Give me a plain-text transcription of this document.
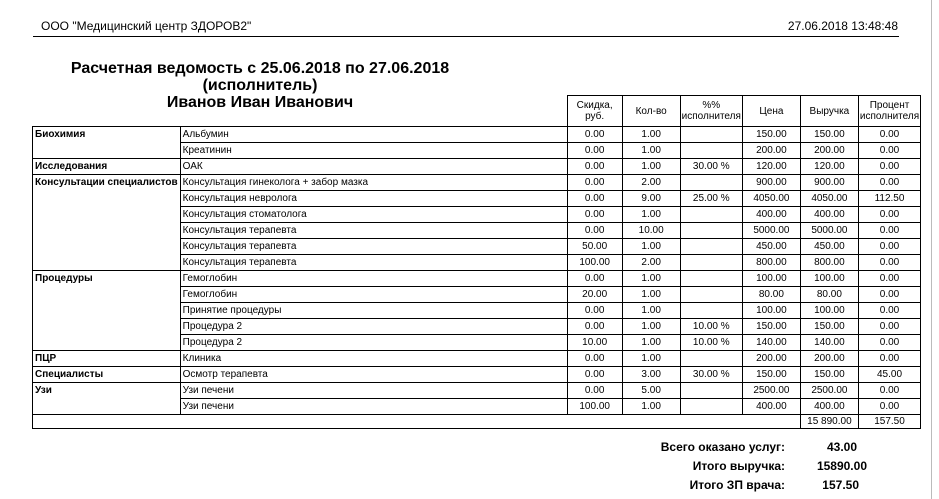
ООО "Медицинский центр ЗДОРОВ2"	27.06.2018 13:48:48
Расчетная ведомость с 25.06.2018 по 27.06.2018
(исполнитель)
Иванов Иван Иванович
			Скидка, руб.	Кол-во	%% исполнителя	Цена	Выручка	Процент исполнителя
Биохимия	Альбумин	0.00	1.00		150.00	150.00	0.00
	Креатинин	0.00	1.00		200.00	200.00	0.00
Исследования	ОАК	0.00	1.00	30.00 %	120.00	120.00	0.00
Консультации специалистов	Консультация гинеколога + забор мазка	0.00	2.00		900.00	900.00	0.00
	Консультация невролога	0.00	9.00	25.00 %	4050.00	4050.00	112.50
	Консультация стоматолога	0.00	1.00		400.00	400.00	0.00
	Консультация терапевта	0.00	10.00		5000.00	5000.00	0.00
	Консультация терапевта	50.00	1.00		450.00	450.00	0.00
	Консультация терапевта	100.00	2.00		800.00	800.00	0.00
Процедуры	Гемоглобин	0.00	1.00		100.00	100.00	0.00
	Гемоглобин	20.00	1.00		80.00	80.00	0.00
	Принятие процедуры	0.00	1.00		100.00	100.00	0.00
	Процедура 2	0.00	1.00	10.00 %	150.00	150.00	0.00
	Процедура 2	10.00	1.00	10.00 %	140.00	140.00	0.00
ПЦР	Клиника	0.00	1.00		200.00	200.00	0.00
Специалисты	Осмотр терапевта	0.00	3.00	30.00 %	150.00	150.00	45.00
Узи	Узи печени	0.00	5.00		2500.00	2500.00	0.00
	Узи печени	100.00	1.00		400.00	400.00	0.00
						15 890.00	157.50
Всего оказано услуг:	43.00
Итого выручка:	15890.00
Итого ЗП врача:	157.50
